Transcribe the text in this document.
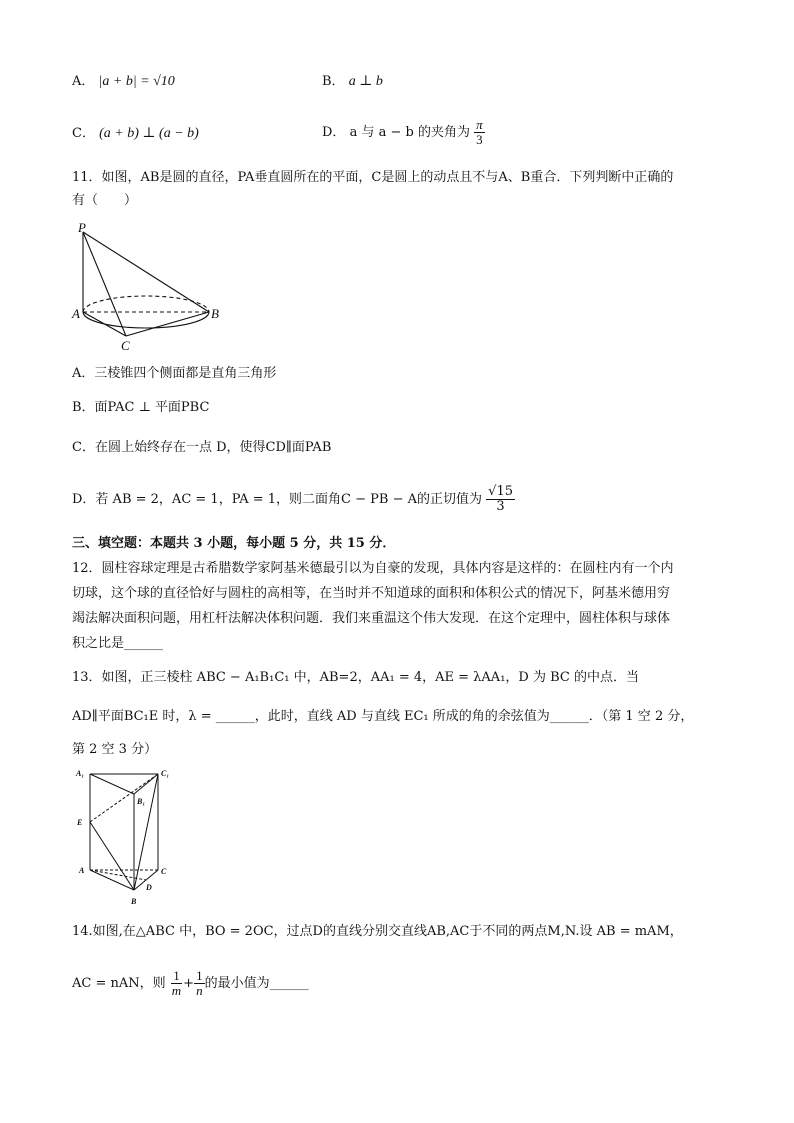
A． |a + b| = √10	B． a ⊥ b
C． (a + b) ⊥ (a − b)	D． a 与 a − b 的夹角为 $\frac{\pi}{3}$
11．如图，AB是圆的直径，PA垂直圆所在的平面，C是圆上的动点且不与A、B重合．下列判断中正确的
有（　　）
P
A	B
C
A．三棱锥四个侧面都是直角三角形
B．面PAC ⊥ 平面PBC
C．在圆上始终存在一点 D，使得CD∥面PAB
D．若 AB = 2，AC = 1，PA = 1，则二面角C − PB − A的正切值为 $\frac{√15}{3}$
三、填空题：本题共 3 小题，每小题 5 分，共 15 分．
12．圆柱容球定理是古希腊数学家阿基米德最引以为自豪的发现，具体内容是这样的：在圆柱内有一个内
切球，这个球的直径恰好与圆柱的高相等，在当时并不知道球的面积和体积公式的情况下，阿基米德用穷
竭法解决面积问题，用杠杆法解决体积问题．我们来重温这个伟大发现．在这个定理中，圆柱体积与球体
积之比是______
13．如图，正三棱柱 ABC − A₁B₁C₁ 中，AB=2，AA₁ = 4，AE = λAA₁，D 为 BC 的中点．当
AD∥平面BC₁E 时，λ = ______，此时，直线 AD 与直线 EC₁ 所成的角的余弦值为______．（第 1 空 2 分，
第 2 空 3 分）
A₁	C₁
B₁
E
A	C
D
B
14.如图,在△ABC 中，BO = 2OC，过点D的直线分别交直线AB,AC于不同的两点M,N.设 AB = mAM，
AC = nAN，则 $\frac{1}{m} + \frac{1}{n}$ 的最小值为______
